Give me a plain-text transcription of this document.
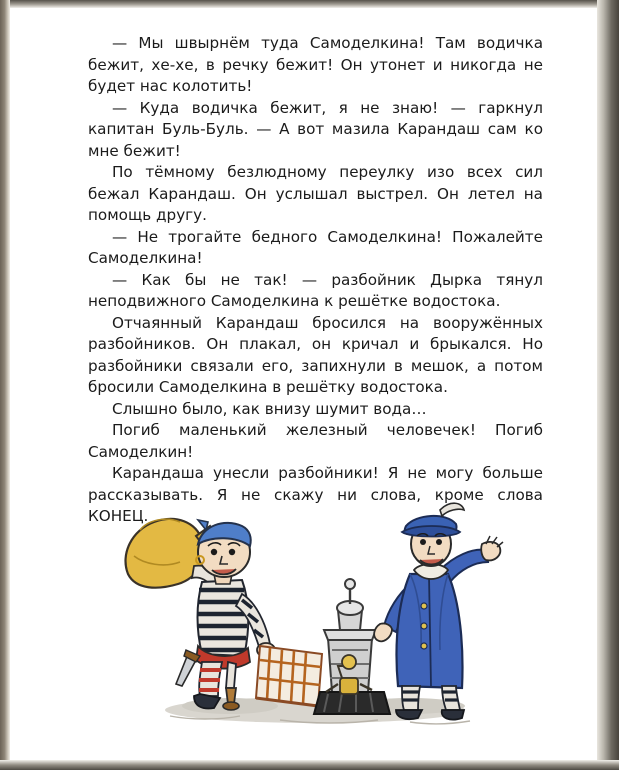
— Мы швырнём туда Самоделкина! Там водичка бежит, хе-хе, в речку бежит! Он утонет и никогда не будет нас колотить!

— Куда водичка бежит, я не знаю! — гаркнул капитан Буль-Буль. — А вот мазила Карандаш сам ко мне бежит!

По тёмному безлюдному переулку изо всех сил бежал Карандаш. Он услышал выстрел. Он летел на помощь другу.

— Не трогайте бедного Самоделкина! Пожалейте Самоделкина!

— Как бы не так! — разбойник Дырка тянул неподвижного Самоделкина к решётке водостока.

Отчаянный Карандаш бросился на вооружённых разбойников. Он плакал, он кричал и брыкался. Но разбойники связали его, запихнули в мешок, а потом бросили Самоделкина в решётку водостока.

Слышно было, как внизу шумит вода…

Погиб маленький железный человечек! Погиб Самоделкин!

Карандаша унесли разбойники! Я не могу больше рассказывать. Я не скажу ни слова, кроме слова КОНЕЦ.
